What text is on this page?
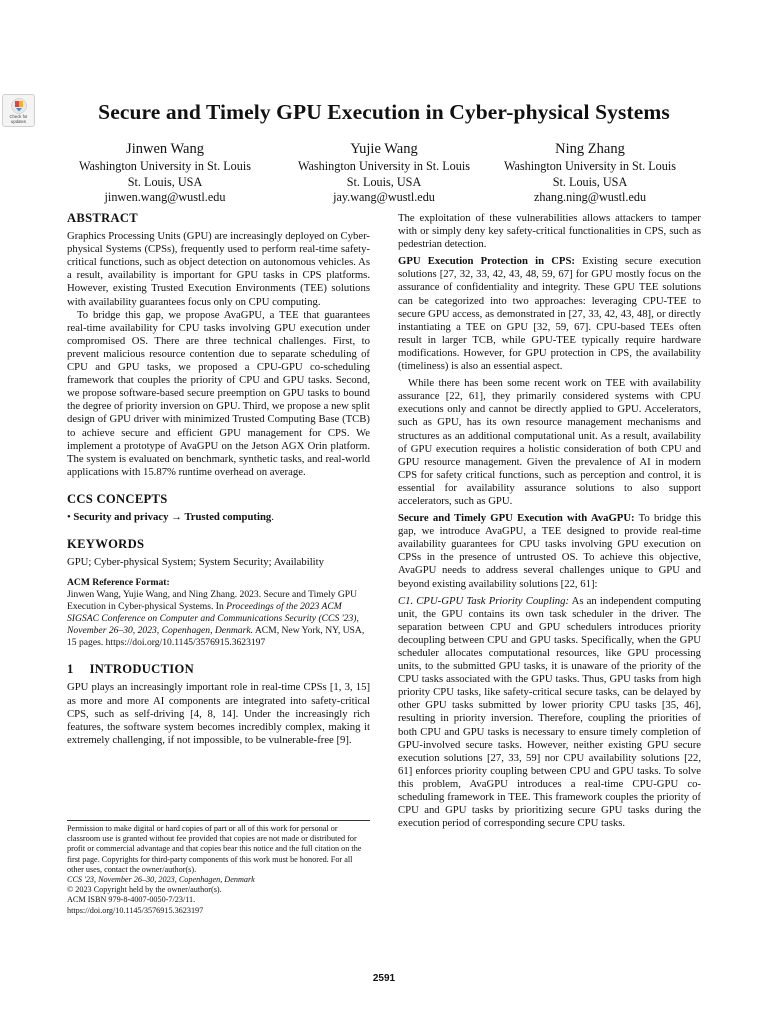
Check for updates	Secure and Timely GPU Execution in Cyber-physical Systems
Jinwen Wang
Washington University in St. Louis
St. Louis, USA
jinwen.wang@wustl.edu
Yujie Wang
Washington University in St. Louis
St. Louis, USA
jay.wang@wustl.edu
Ning Zhang
Washington University in St. Louis
St. Louis, USA
zhang.ning@wustl.edu
ABSTRACT

Graphics Processing Units (GPU) are increasingly deployed on Cyber-physical Systems (CPSs), frequently used to perform real-time safety-critical functions, such as object detection on autonomous vehicles. As a result, availability is important for GPU tasks in CPS platforms. However, existing Trusted Execution Environments (TEE) solutions with availability guarantees focus only on CPU computing.

To bridge this gap, we propose AvaGPU, a TEE that guarantees real-time availability for CPU tasks involving GPU execution under compromised OS. There are three technical challenges. First, to prevent malicious resource contention due to separate scheduling of CPU and GPU tasks, we proposed a CPU-GPU co-scheduling framework that couples the priority of CPU and GPU tasks. Second, we propose software-based secure preemption on GPU tasks to bound the degree of priority inversion on GPU. Third, we propose a new split design of GPU driver with minimized Trusted Computing Base (TCB) to achieve secure and efficient GPU management for CPS. We implement a prototype of AvaGPU on the Jetson AGX Orin platform. The system is evaluated on benchmark, synthetic tasks, and real-world applications with 15.87% runtime overhead on average.

CCS CONCEPTS

• Security and privacy → Trusted computing.

KEYWORDS

GPU; Cyber-physical System; System Security; Availability

ACM Reference Format:

Jinwen Wang, Yujie Wang, and Ning Zhang. 2023. Secure and Timely GPU Execution in Cyber-physical Systems. In Proceedings of the 2023 ACM SIGSAC Conference on Computer and Communications Security (CCS '23), November 26–30, 2023, Copenhagen, Denmark. ACM, New York, NY, USA, 15 pages. https://doi.org/10.1145/3576915.3623197

1 INTRODUCTION

GPU plays an increasingly important role in real-time CPSs [1, 3, 15] as more and more AI components are integrated into safety-critical CPS, such as self-driving [4, 8, 14]. Under the increasingly rich features, the software system becomes incredibly complex, making it extremely challenging, if not impossible, to be vulnerable-free [9].

Permission to make digital or hard copies of part or all of this work for personal or classroom use is granted without fee provided that copies are not made or distributed for profit or commercial advantage and that copies bear this notice and the full citation on the first page. Copyrights for third-party components of this work must be honored. For all other uses, contact the owner/author(s).

CCS '23, November 26–30, 2023, Copenhagen, Denmark

© 2023 Copyright held by the owner/author(s).

ACM ISBN 979-8-4007-0050-7/23/11.

https://doi.org/10.1145/3576915.3623197

The exploitation of these vulnerabilities allows attackers to tamper with or simply deny key safety-critical functionalities in CPS, such as pedestrian detection.

GPU Execution Protection in CPS: Existing secure execution solutions [27, 32, 33, 42, 43, 48, 59, 67] for GPU mostly focus on the assurance of confidentiality and integrity. These GPU TEE solutions can be categorized into two approaches: leveraging CPU-TEE to secure GPU access, as demonstrated in [27, 33, 42, 43, 48], or directly instantiating a TEE on GPU [32, 59, 67]. CPU-based TEEs often result in larger TCB, while GPU-TEE typically require hardware modifications. However, for GPU protection in CPS, the availability (timeliness) is also an essential aspect.

While there has been some recent work on TEE with availability assurance [22, 61], they primarily considered systems with CPU executions only and cannot be directly applied to GPU. Accelerators, such as GPU, has its own resource management mechanisms and structures as an additional computational unit. As a result, availability of GPU execution requires a holistic consideration of both CPU and GPU resource management. Given the prevalence of AI in modern CPS for safety critical functions, such as perception and control, it is essential for availability assurance solutions to also support accelerators, such as GPU.

Secure and Timely GPU Execution with AvaGPU: To bridge this gap, we introduce AvaGPU, a TEE designed to provide real-time availability guarantees for CPU tasks involving GPU execution on CPSs in the presence of untrusted OS. To achieve this objective, AvaGPU needs to address several challenges unique to GPU and beyond existing availability solutions [22, 61]:

C1. CPU-GPU Task Priority Coupling: As an independent computing unit, the GPU contains its own task scheduler in the driver. The separation between CPU and GPU schedulers introduces priority decoupling between CPU and GPU tasks. Specifically, when the GPU scheduler allocates computational resources, like GPU processing units, to the submitted GPU tasks, it is unaware of the priority of the CPU tasks associated with the GPU tasks. Thus, GPU tasks from high priority CPU tasks, like safety-critical secure tasks, can be delayed by other GPU tasks submitted by lower priority CPU tasks [35, 46], resulting in priority inversion. Therefore, coupling the priorities of both CPU and GPU tasks is necessary to ensure timely completion of GPU-involved secure tasks. However, neither existing GPU secure execution solutions [27, 33, 59] nor CPU availability solutions [22, 61] enforces priority coupling between CPU and GPU tasks. To solve this problem, AvaGPU introduces a real-time CPU-GPU co-scheduling framework in TEE. This framework couples the priority of CPU and GPU tasks by prioritizing secure GPU tasks during the execution period of corresponding secure CPU tasks.

2591
